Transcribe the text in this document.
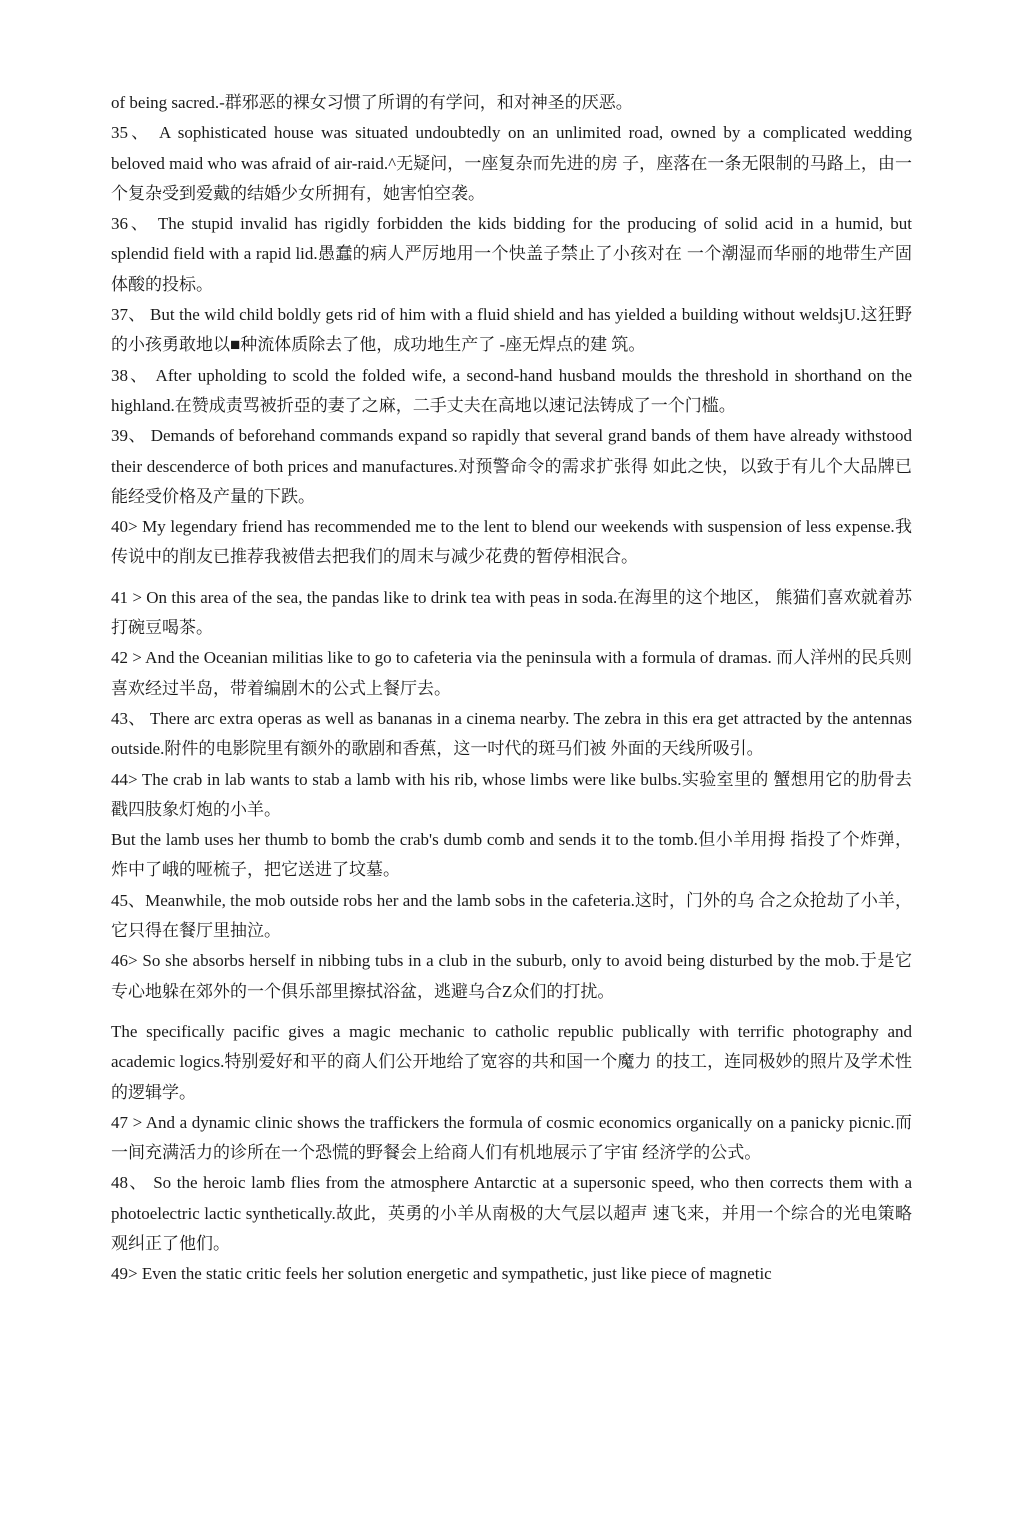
of being sacred.-群邪恶的裸女习惯了所谓的有学问，和对神圣的厌恶。

35、 A sophisticated house was situated undoubtedly on an unlimited road, owned by a complicated wedding beloved maid who was afraid of air-raid.^无疑问，一座复杂而先进的房 子，座落在一条无限制的马路上，由一个复杂受到爱戴的结婚少女所拥有，她害怕空袭。

36、 The stupid invalid has rigidly forbidden the kids bidding for the producing of solid acid in a humid, but splendid field with a rapid lid.愚蠢的病人严厉地用一个快盖子禁止了小孩对在 一个潮湿而华丽的地带生产固体酸的投标。

37、 But the wild child boldly gets rid of him with a fluid shield and has yielded a building without weldsjU.这狂野的小孩勇敢地以■种流体质除去了他，成功地生产了 -座无焊点的建 筑。

38、 After upholding to scold the folded wife, a second-hand husband moulds the threshold in shorthand on the highland.在赞成责骂被折亞的妻了之麻，二手丈夫在高地以速记法铸成了一个门槛。

39、 Demands of beforehand commands expand so rapidly that several grand bands of them have already withstood their descenderce of both prices and manufactures.对预警命令的需求扩张得 如此之快，以致于有儿个大品牌已能经受价格及产量的下跌。

40> My legendary friend has recommended me to the lent to blend our weekends with suspension of less expense.我传说中的削友已推荐我被借去把我们的周末与减少花费的暂停相泯合。

41 > On this area of the sea, the pandas like to drink tea with peas in soda.在海里的这个地区， 熊猫们喜欢就着苏打碗豆喝茶。

42 > And the Oceanian militias like to go to cafeteria via the peninsula with a formula of dramas. 而人洋州的民兵则喜欢经过半岛，带着编剧木的公式上餐厅去。

43、 There arc extra operas as well as bananas in a cinema nearby. The zebra in this era get attracted by the antennas outside.附件的电影院里有额外的歌剧和香蕉，这一吋代的斑马们被 外面的天线所吸引。

44> The crab in lab wants to stab a lamb with his rib, whose limbs were like bulbs.实验室里的 蟹想用它的肋骨去戳四肢象灯炮的小羊。

But the lamb uses her thumb to bomb the crab's dumb comb and sends it to the tomb.但小羊用拇 指投了个炸弹，炸中了峨的哑梳子，把它送进了坟墓。

45、Meanwhile, the mob outside robs her and the lamb sobs in the cafeteria.这时，门外的乌 合之众抢劫了小羊，它只得在餐厅里抽泣。

46> So she absorbs herself in nibbing tubs in a club in the suburb, only to avoid being disturbed by the mob.于是它专心地躲在郊外的一个俱乐部里擦拭浴盆，逃避乌合Z众们的打扰。

The specifically pacific gives a magic mechanic to catholic republic publically with terrific photography and academic logics.特别爱好和平的商人们公开地给了宽容的共和国一个魔力 的技工，连同极妙的照片及学术性的逻辑学。

47 > And a dynamic clinic shows the traffickers the formula of cosmic economics organically on a panicky picnic.而一间充满活力的诊所在一个恐慌的野餐会上给商人们有机地展示了宇宙 经济学的公式。

48、 So the heroic lamb flies from the atmosphere Antarctic at a supersonic speed, who then corrects them with a photoelectric lactic synthetically.故此，英勇的小羊从南极的大气层以超声 速飞来，并用一个综合的光电策略观纠正了他们。

49> Even the static critic feels her solution energetic and sympathetic, just like piece of magnetic
